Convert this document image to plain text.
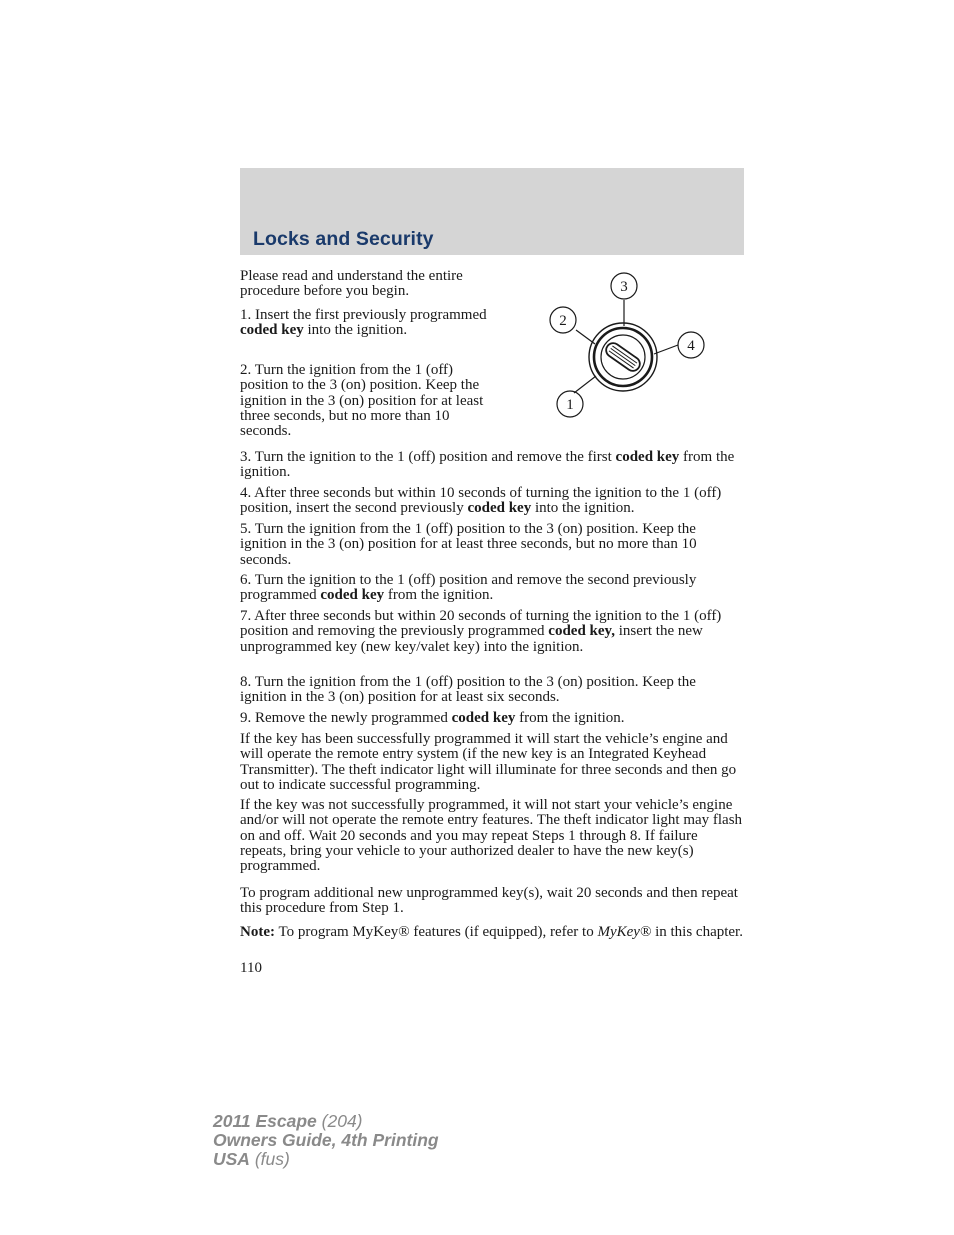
Locks and Security

Please read and understand the entire procedure before you begin.

1. Insert the first previously programmed coded key into the ignition.

2. Turn the ignition from the 1 (off) position to the 3 (on) position. Keep the ignition in the 3 (on) position for at least three seconds, but no more than 10 seconds.

3. Turn the ignition to the 1 (off) position and remove the first coded key from the ignition.

4. After three seconds but within 10 seconds of turning the ignition to the 1 (off) position, insert the second previously coded key into the ignition.

5. Turn the ignition from the 1 (off) position to the 3 (on) position. Keep the ignition in the 3 (on) position for at least three seconds, but no more than 10 seconds.

6. Turn the ignition to the 1 (off) position and remove the second previously programmed coded key from the ignition.

7. After three seconds but within 20 seconds of turning the ignition to the 1 (off) position and removing the previously programmed coded key, insert the new unprogrammed key (new key/valet key) into the ignition.

8. Turn the ignition from the 1 (off) position to the 3 (on) position. Keep the ignition in the 3 (on) position for at least six seconds.

9. Remove the newly programmed coded key from the ignition.

If the key has been successfully programmed it will start the vehicle’s engine and will operate the remote entry system (if the new key is an Integrated Keyhead Transmitter). The theft indicator light will illuminate for three seconds and then go out to indicate successful programming.

If the key was not successfully programmed, it will not start your vehicle’s engine and/or will not operate the remote entry features. The theft indicator light may flash on and off. Wait 20 seconds and you may repeat Steps 1 through 8. If failure repeats, bring your vehicle to your authorized dealer to have the new key(s) programmed.

To program additional new unprogrammed key(s), wait 20 seconds and then repeat this procedure from Step 1.

Note: To program MyKey® features (if equipped), refer to MyKey® in this chapter.

110

3
2
4
1
2011 Escape (204)
Owners Guide, 4th Printing
USA (fus)
